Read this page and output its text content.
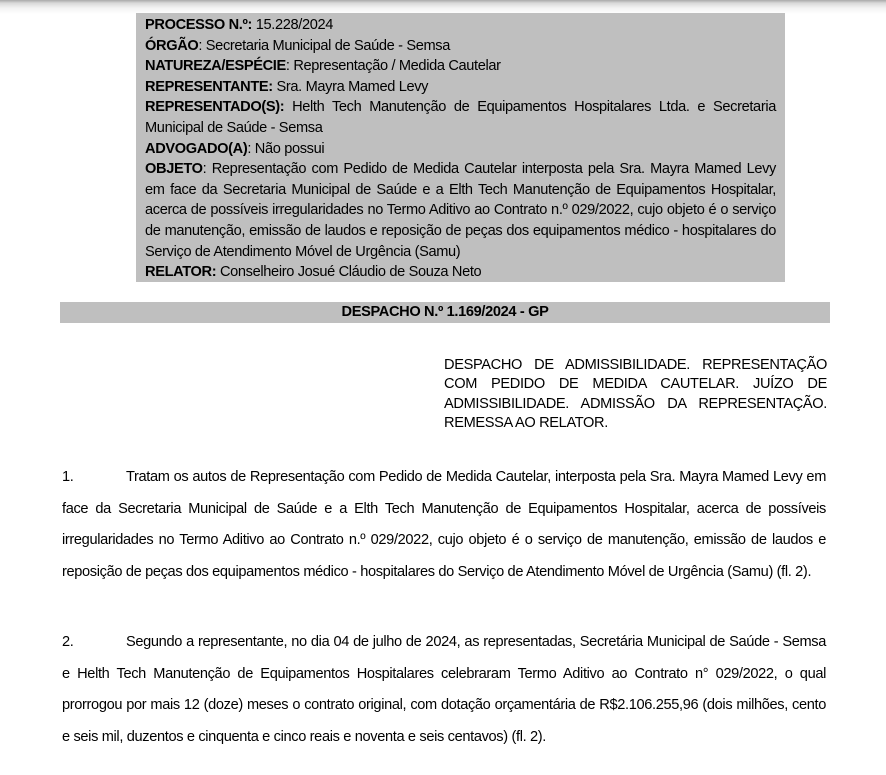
PROCESSO N.º: 15.228/2024

ÓRGÃO: Secretaria Municipal de Saúde - Semsa

NATUREZA/ESPÉCIE: Representação / Medida Cautelar

REPRESENTANTE: Sra. Mayra Mamed Levy

REPRESENTADO(S): Helth Tech Manutenção de Equipamentos Hospitalares Ltda. e Secretaria Municipal de Saúde - Semsa

ADVOGADO(A): Não possui

OBJETO: Representação com Pedido de Medida Cautelar interposta pela Sra. Mayra Mamed Levy em face da Secretaria Municipal de Saúde e a Elth Tech Manutenção de Equipamentos Hospitalar, acerca de possíveis irregularidades no Termo Aditivo ao Contrato n.º 029/2022, cujo objeto é o serviço de manutenção, emissão de laudos e reposição de peças dos equipamentos médico - hospitalares do Serviço de Atendimento Móvel de Urgência (Samu)

RELATOR: Conselheiro Josué Cláudio de Souza Neto

DESPACHO N.º 1.169/2024 - GP
DESPACHO DE ADMISSIBILIDADE. REPRESENTAÇÃO COM PEDIDO DE MEDIDA CAUTELAR. JUÍZO DE ADMISSIBILIDADE. ADMISSÃO DA REPRESENTAÇÃO. REMESSA AO RELATOR.
1.	Tratam os autos de Representação com Pedido de Medida Cautelar, interposta pela Sra. Mayra Mamed Levy em face da Secretaria Municipal de Saúde e a Elth Tech Manutenção de Equipamentos Hospitalar, acerca de possíveis irregularidades no Termo Aditivo ao Contrato n.º 029/2022, cujo objeto é o serviço de manutenção, emissão de laudos e reposição de peças dos equipamentos médico - hospitalares do Serviço de Atendimento Móvel de Urgência (Samu) (fl. 2).
2.	Segundo a representante, no dia 04 de julho de 2024, as representadas, Secretária Municipal de Saúde - Semsa e Helth Tech Manutenção de Equipamentos Hospitalares celebraram Termo Aditivo ao Contrato n° 029/2022, o qual prorrogou por mais 12 (doze) meses o contrato original, com dotação orçamentária de R$2.106.255,96 (dois milhões, cento e seis mil, duzentos e cinquenta e cinco reais e noventa e seis centavos) (fl. 2).
